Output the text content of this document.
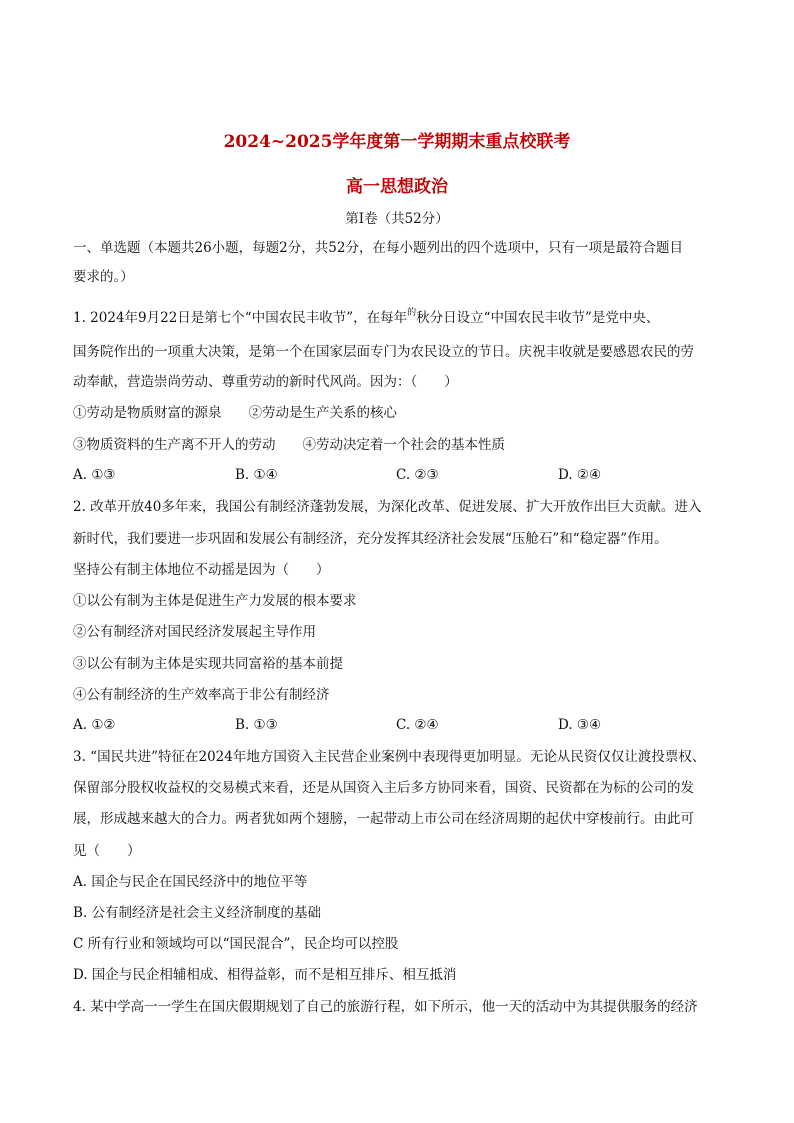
2024~2025学年度第一学期期末重点校联考
高一思想政治
第I卷（共52分）
一、单选题（本题共26小题，每题2分，共52分，在每小题列出的四个选项中，只有一项是最符合题目
要求的。）
1. 2024年9月22日是第七个“中国农民丰收节”，在每年$^的$秋分日设立“中国农民丰收节”是党中央、
国务院作出的一项重大决策，是第一个在国家层面专门为农民设立的节日。庆祝丰收就是要感恩农民的劳
动奉献，营造崇尚劳动、尊重劳动的新时代风尚。因为：（　　）
①劳动是物质财富的源泉　　②劳动是生产关系的核心
③物质资料的生产离不开人的劳动　　④劳动决定着一个社会的基本性质
A. ①③	B. ①④	C. ②③	D. ②④
2. 改革开放40多年来，我国公有制经济蓬勃发展，为深化改革、促进发展、扩大开放作出巨大贡献。进入
新时代，我们要进一步巩固和发展公有制经济，充分发挥其经济社会发展“压舱石”和“稳定器”作用。
坚持公有制主体地位不动摇是因为（　　）
①以公有制为主体是促进生产力发展的根本要求
②公有制经济对国民经济发展起主导作用
③以公有制为主体是实现共同富裕的基本前提
④公有制经济的生产效率高于非公有制经济
A. ①②	B. ①③	C. ②④	D. ③④
3. “国民共进”特征在2024年地方国资入主民营企业案例中表现得更加明显。无论从民资仅仅让渡投票权、
保留部分股权收益权的交易模式来看，还是从国资入主后多方协同来看，国资、民资都在为标的公司的发
展，形成越来越大的合力。两者犹如两个翅膀，一起带动上市公司在经济周期的起伏中穿梭前行。由此可
见（　　）
A. 国企与民企在国民经济中的地位平等
B. 公有制经济是社会主义经济制度的基础
C 所有行业和领域均可以“国民混合”，民企均可以控股
D. 国企与民企相辅相成、相得益彰，而不是相互排斥、相互抵消
4. 某中学高一一学生在国庆假期规划了自己的旅游行程，如下所示，他一天的活动中为其提供服务的经济
